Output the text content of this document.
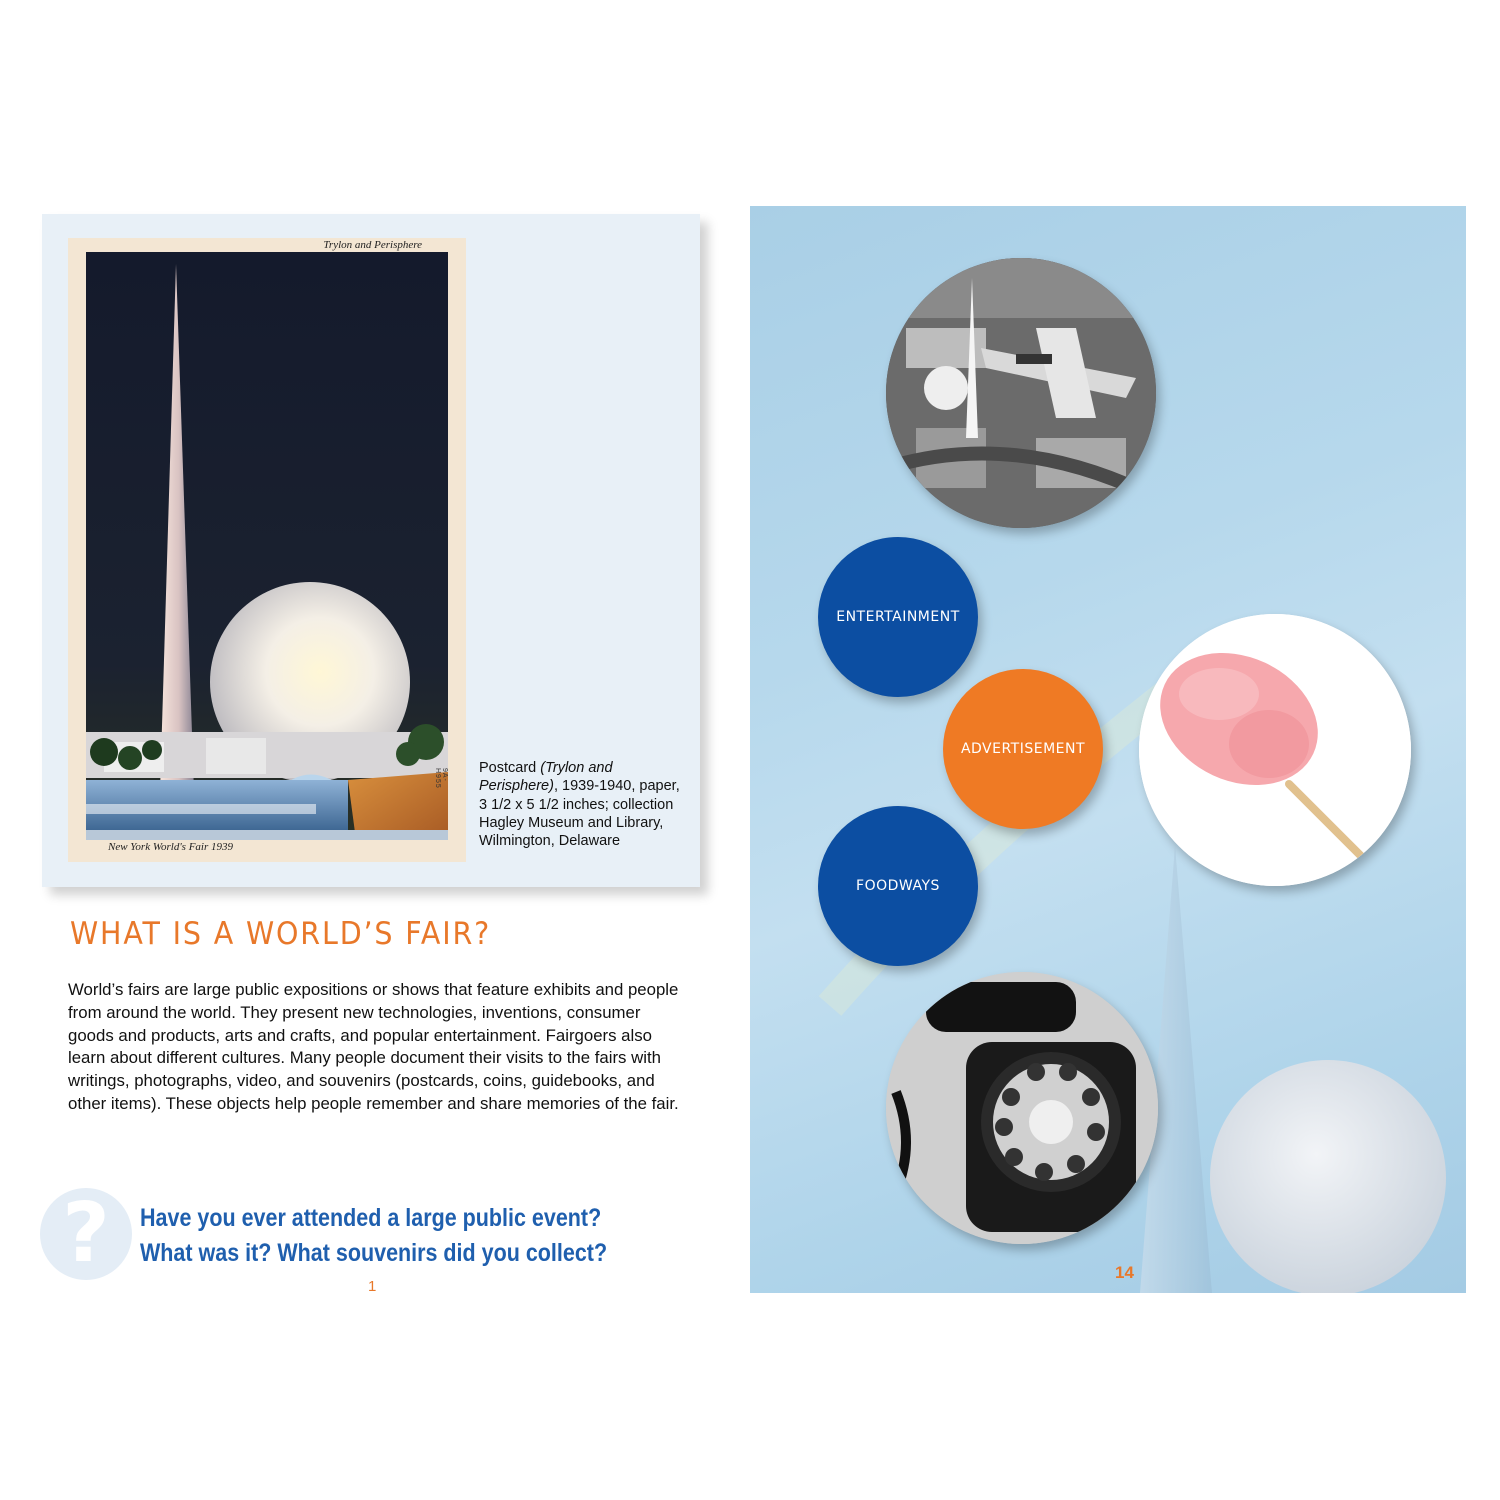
Trylon and Perisphere
New York World's Fair 1939
9A-H955	Postcard (Trylon and Perisphere), 1939-1940, paper, 3 1/2 x 5 1/2 inches; collection Hagley Museum and Library, Wilmington, Delaware
WHAT IS A WORLD’S FAIR?

World’s fairs are large public expositions or shows that feature exhibits and people from around the world. They present new technologies, inventions, consumer goods and products, arts and crafts, and popular entertainment. Fairgoers also learn about different cultures. Many people document their visits to the fairs with writings, photographs, video, and souvenirs (postcards, coins, guidebooks, and other items). These objects help people remember and share memories of the fair.

? Have you ever attended a large public event?
What was it? What souvenirs did you collect?
1
ENTERTAINMENT
ADVERTISEMENT
FOODWAYS
14
